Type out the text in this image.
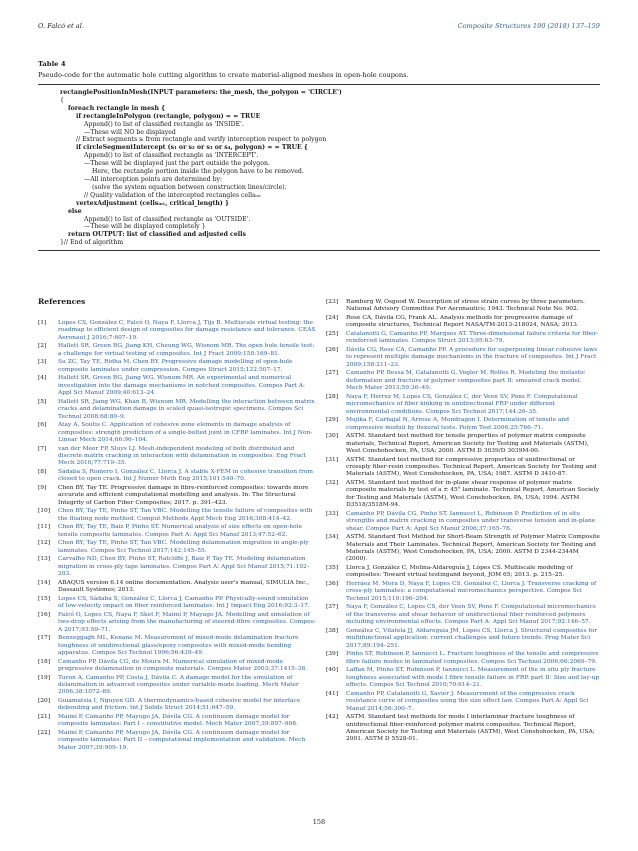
O. Falcó et al.	Composite Structures 190 (2018) 137–159
Table 4
Pseudo-code for the automatic hole cutting algorithm to create material-aligned meshes in open-hole coupons.
rectanglePositionInMesh(INPUT parameters: the_mesh, the_polygon = 'CIRCLE')
{
foreach rectangle in mesh {
if rectangleInPolygon (rectangle, polygon) = = TRUE
Append() to list of classified rectangle as 'INSIDE'.
—These will NO be displayed
// Extract segments sᵢ from rectangle and verify interception respect to polygon
if circleSegmentIntercept (s₁ or s₂ or s₃ or s₄, polygon) = = TRUE {
Append() to list of classified rectangle as 'INTERCEPT'.
—These will be displayed just the part outside the polygon.
Here, the rectangle portion inside the polygon have to be removed.
—All interception points are determined by:
(solve the system equation between construction lines/circle).
// Quality validation of the intercepted rectangles cellsᵢₙₜ
vertexAdjustment (cellsᵢₙₜ, critical_length) }
else
Append() to list of classified rectangle as 'OUTSIDE'.
—These will be displayed completely }
return OUTPUT: list of classified and adjusted cells
}// End of algorithm
References
[1]	Lopes CS, González C, Falcó O, Naya F, Llorca J, Tijs B. Multiscale virtual testing: the roadmap to efficient design of composites for damage resistance and tolerance. CEAS Aeronaut J 2016;7:607–19.
[2]	Hallett SR, Green BG, Jiang KH, Cheung WG, Wisnom MR. The open hole tensile test: a challenge for virtual testing of composites. Int J Fract 2009;158:169–81.
[3]	Su ZC, Tay TE, Ridha M, Chen BY. Progressive damage modelling of open-hole composite laminates under compression. Compos Struct 2015;122:507–17.
[4]	Hallett SR, Green BG, Jiang WG, Wisnom MR. An experimental and numerical investigation into the damage mechanisms in notched composites. Compos Part A: Appl Sci Manuf 2009;40:613–24.
[5]	Hallett SR, Jiang WG, Khan B, Wisnom MR. Modelling the interaction between matrix cracks and delamination damage in scaled quasi-isotropic specimens. Compos Sci Technol 2008;68:80–9.
[6]	Atay A, Soutis C. Application of cohesive zone elements in damage analysis of composites: strength prediction of a single-bolted joint in CFRP laminates. Int J Non-Linear Mech 2014;66:96–104.
[7]	van der Meer FP, Sluys LJ. Mesh-independent modeling of both distributed and discrete matrix cracking in interaction with delamination in composites. Eng Fract Mech 2010;77:719–35.
[8]	Sádaba S, Romero I, González C, Llorca J. A stable X-FEM in cohesive transition from closed to open crack. Int J Numer Meth Eng 2015;101:540–70.
[9]	Chen BY, Tay TE. Progressive damage in fibre-reinforced composites: towards more accurate and efficient computational modelling and analysis. In: The Structural Integrity of Carbon Fiber Composites; 2017. p. 391–423.
[10]	Chen BY, Tay TE, Pinho ST, Tan VBC. Modelling the tensile failure of composites with the floating node method. Comput Methods Appl Mech Eng 2016;308:414–42.
[11]	Chen BY, Tay TE, Baiz P, Pinho ST. Numerical analysis of size effects on open-hole tensile composite laminates. Compos Part A: Appl Sci Manuf 2013;47:52–62.
[12]	Chen BY, Tay TE, Pinho ST, Tan VBC. Modelling delamination migration in angle-ply laminates. Compos Sci Technol 2017;142:145–55.
[13]	Carvalho ND, Chen BY, Pinho ST, Ratcliffe J, Baiz P, Tay TE. Modeling delamination migration in cross-ply tape laminates. Compos Part A: Appl Sci Manuf 2015;71:192–203.
[14]	ABAQUS version 6.14 online documentation. Analysis user's manual, SIMULIA Inc., Dassault Systèmes; 2013.
[15]	Lopes CS, Sádaba S, González C, Llorca J, Camanho PP. Physically-sound simulation of low-velocity impact on fiber reinforced laminates. Int J Impact Eng 2016;92:3–17.
[16]	Falcó O, Lopes CS, Naya F, Sket F, Maimí P, Mayugo JA. Modelling and simulation of two-drop effects arising from the manufacturing of steered-fibre composites. Compos: A 2017;93:59–71.
[17]	Benzeggagh ML, Kenane M. Measurement of mixed-mode delamination fracture toughness of unidirectional glass/epoxy composites with mixed-mode bending apparatus. Compos Sci Technol 1996;56:439–49.
[18]	Camanho PP, Dávila CG, de Moura M. Numerical simulation of mixed-mode progressive delamination in composite materials. Compos Mater 2003;37:1415–38.
[19]	Turon A, Camanho PP, Costa J, Dávila C. A damage model for the simulation of delamination in advanced composites under variable-mode loading. Mech Mater 2006;38:1072–89.
[20]	Guiamatsia I, Nguyen GD. A thermodynamics-based cohesive model for interface debonding and friction. Int J Solids Struct 2014;51:647–59.
[21]	Maimí P, Camanho PP, Mayugo JA, Dávila CG. A continuum damage model for composite laminates: Part I – constitutive model. Mech Mater 2007;39:897–908.
[22]	Maimí P, Camanho PP, Mayugo JA, Dávila CG. A continuum damage model for composite laminates: Part II – computational implementation and validation. Mech Mater 2007;39:909–19.
[23]	Ramberg W, Osgood W. Description of stress strain curves by three parameters. National Advisory Committee For Aeronautics; 1943. Technical Note No. 902.
[24]	Rose CA, Dávila CG, Frank AL. Analysis methods for progressive damage of composite structures, Technical Report NASA/TM-2013-218024, NASA; 2013.
[25]	Catalanotti G, Camanho PP, Marques AT. Three-dimensional failure criteria for fiber-reinforced laminates. Compos Struct 2013;95:63–79.
[26]	Dávila CG, Rose CA, Camanho PP. A procedure for superposing linear cohesive laws to represent multiple damage mechanisms in the fracture of composites. Int J Fract 2009;158:211–23.
[27]	Camanho PP, Bessa M, Catalanotti G, Vogler M, Rolfes R. Modeling the inelastic deformation and fracture of polymer composites part II: smeared crack model. Mech Mater 2013;59:36–49.
[28]	Naya F, Herrez M, Lopes CS, González C, der Veen SV, Pons F. Computational micromechanics of fiber kinking in unidirectional FRP under different environmental conditions. Compos Sci Technol 2017;144:26–35.
[29]	Mujika F, Carbajal N, Arrese A, Mondragon I. Determination of tensile and compressive moduli by flexural tests. Polym Test 2006;25:766–71.
[30]	ASTM. Standard test method for tensile properties of polymer matrix composite materials, Technical Report, American Society for Testing and Materials (ASTM), West Conshohocken, PA, USA; 2000. ASTM D 3039/D 3039M-00.
[31]	ASTM. Standard test method for compressive properties of unidirectional or crossply fiber-resin composites. Technical Report, American Society for Testing and Materials (ASTM), West Conshohocken, PA, USA; 1987. ASTM D 3410-87.
[32]	ASTM. Standard test method for in-plane shear response of polymer matrix composite materials by test of a ± 45° laminate. Technical Report, American Society for Testing and Materials (ASTM), West Conshohocken, PA, USA; 1994. ASTM D3518/3518M-94.
[33]	Camanho PP, Dávila CG, Pinho ST, Iannucci L, Robinson P. Prediction of in situ strengths and matrix cracking in composites under transverse tension and in-plane shear. Compos Part A: Appl Sci Manuf 2006;37:165–76.
[34]	ASTM. Standard Test Method for Short-Beam Strength of Polymer Matrix Composite Materials and Their Laminates. Technical Report, American Society for Testing and Materials (ASTM), West Conshohocken, PA, USA; 2000. ASTM D 2344-2344M (2000).
[35]	Llorca J, González C, Molina-Aldareguía J, Lópes CS. Multiscale modeling of composites: Toward virtual testingand beyond, JOM 65; 2013. p. 215–25.
[36]	Herráez M, Mora D, Naya F, Lopes CS, González C, Llorca J. Transverse cracking of cross-ply laminates: a computational micromechanics perspective. Compos Sci Technol 2015;110:196–204.
[37]	Naya F, González C, Lopes CS, der Veen SV, Pons F. Computational micromechanics of the transverse and shear behavior of unidirectional fiber reinforced polymers including environmental effects. Compos Part A: Appl Sci Manuf 2017;92:146–57.
[38]	González C, Vilatela JJ, Aldareguia JM, Lopes CS, Llorca J. Structural composites for multifunctional application: current challenges and future trends. Prog Mater Sci 2017;89:194–251.
[39]	Pinho ST, Robinson P, Iannucci L. Fracture toughness of the tensile and compressive fibre failure modes in laminated composites. Compos Sci Technol 2006;66:2069–79.
[40]	Laffan M, Pinho ST, Robinson P, Iannucci L. Measurement of the in situ ply fracture toughness associated with mode I fibre tensile failure in FRP. part II: Size and lay-up effects. Compos Sci Technol 2010;70:614–21.
[41]	Camanho PP, Catalanotti G, Xavier J. Measurement of the compressive crack resistance curve of composites using the size effect law. Compos Part A: Appl Sci Manuf 2014;56:300–7.
[42]	ASTM. Standard test methods for mode I interlaminar fracture toughness of unidirectional fiber-reinforced polymer matrix composites. Technical Report, American Society for Testing and Materials (ASTM), West Conshohocken, PA, USA; 2001. ASTM D 5528-01.
158
